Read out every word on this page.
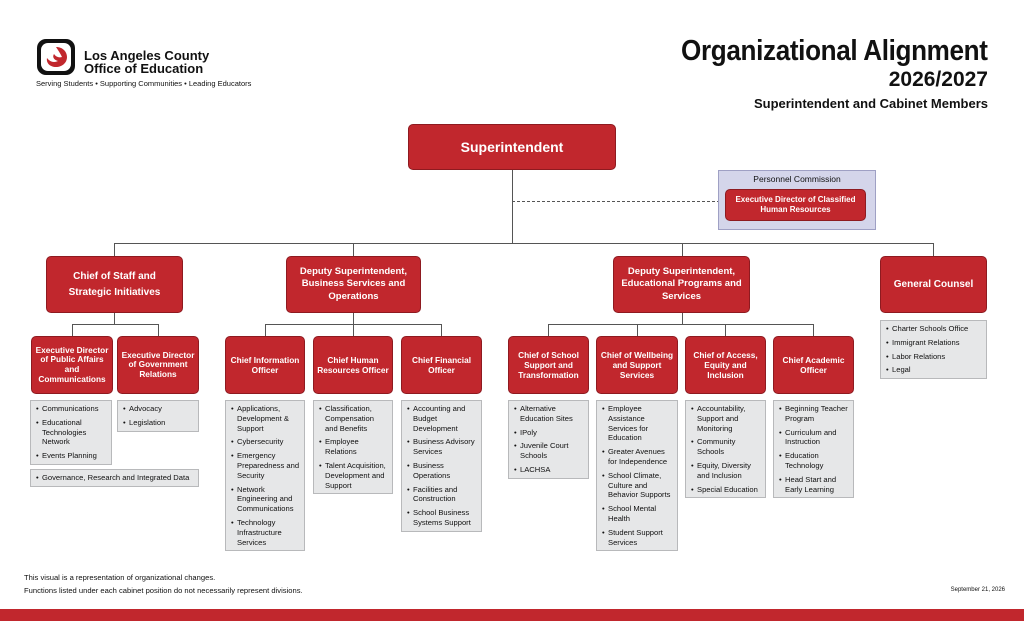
Los Angeles County
Office of Education
Serving Students • Supporting Communities • Leading Educators
Organizational Alignment
2026/2027
Superintendent and Cabinet Members
Superintendent
Personnel Commission
Executive Director of Classified Human Resources
Chief of Staff and Strategic Initiatives
Deputy Superintendent, Business Services and Operations
Deputy Superintendent, Educational Programs and Services
General Counsel
Executive Director of Public Affairs and Communications
Executive Director of Government Relations
Chief Information Officer
Chief Human Resources Officer
Chief Financial Officer
Chief of School Support and Transformation
Chief of Wellbeing and Support Services
Chief of Access, Equity and Inclusion
Chief Academic Officer
• Communications
• Educational Technologies Network
• Events Planning
• Advocacy
• Legislation
• Governance, Research and Integrated Data
• Applications, Development & Support
• Cybersecurity
• Emergency Preparedness and Security
• Network Engineering and Communications
• Technology Infrastructure Services
• Classification, Compensation and Benefits
• Employee Relations
• Talent Acquisition, Development and Support
• Accounting and Budget Development
• Business Advisory Services
• Business Operations
• Facilities and Construction
• School Business Systems Support
• Alternative Education Sites
• IPoly
• Juvenile Court Schools
• LACHSA
• Employee Assistance Services for Education
• Greater Avenues for Independence
• School Climate, Culture and Behavior Supports
• School Mental Health
• Student Support Services
• Accountability, Support and Monitoring
• Community Schools
• Equity, Diversity and Inclusion
• Special Education
• Beginning Teacher Program
• Curriculum and Instruction
• Education Technology
• Head Start and Early Learning
• Charter Schools Office
• Immigrant Relations
• Labor Relations
• Legal
This visual is a representation of organizational changes.
Functions listed under each cabinet position do not necessarily represent divisions.	September 21, 2026
